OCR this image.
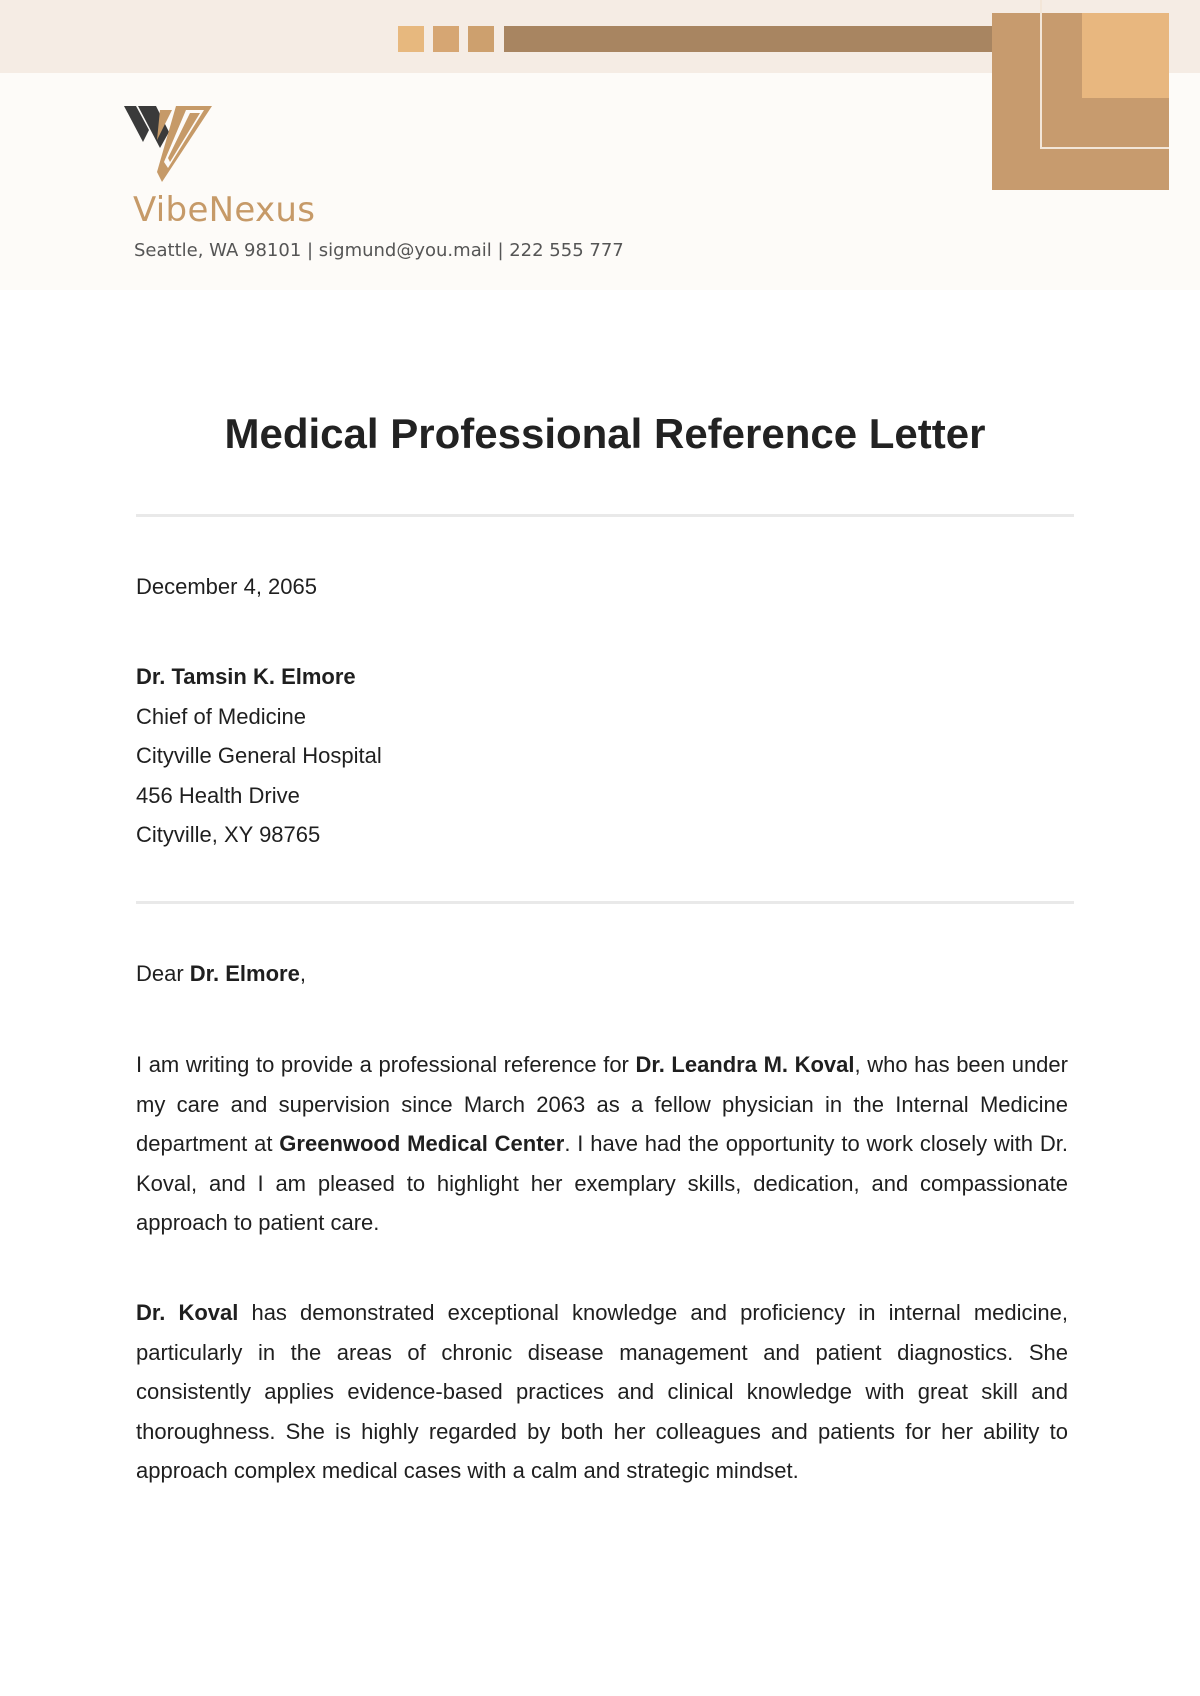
VibeNexus
Seattle, WA 98101 | sigmund@you.mail | 222 555 777
Medical Professional Reference Letter
December 4, 2065
Dr. Tamsin K. Elmore
Chief of Medicine
Cityville General Hospital
456 Health Drive
Cityville, XY 98765
Dear Dr. Elmore,
I am writing to provide a professional reference for Dr. Leandra M. Koval, who has been under my care and supervision since March 2063 as a fellow physician in the Internal Medicine department at Greenwood Medical Center. I have had the opportunity to work closely with Dr. Koval, and I am pleased to highlight her exemplary skills, dedication, and compassionate approach to patient care.
Dr. Koval has demonstrated exceptional knowledge and proficiency in internal medicine, particularly in the areas of chronic disease management and patient diagnostics. She consistently applies evidence-based practices and clinical knowledge with great skill and thoroughness. She is highly regarded by both her colleagues and patients for her ability to approach complex medical cases with a calm and strategic mindset.
